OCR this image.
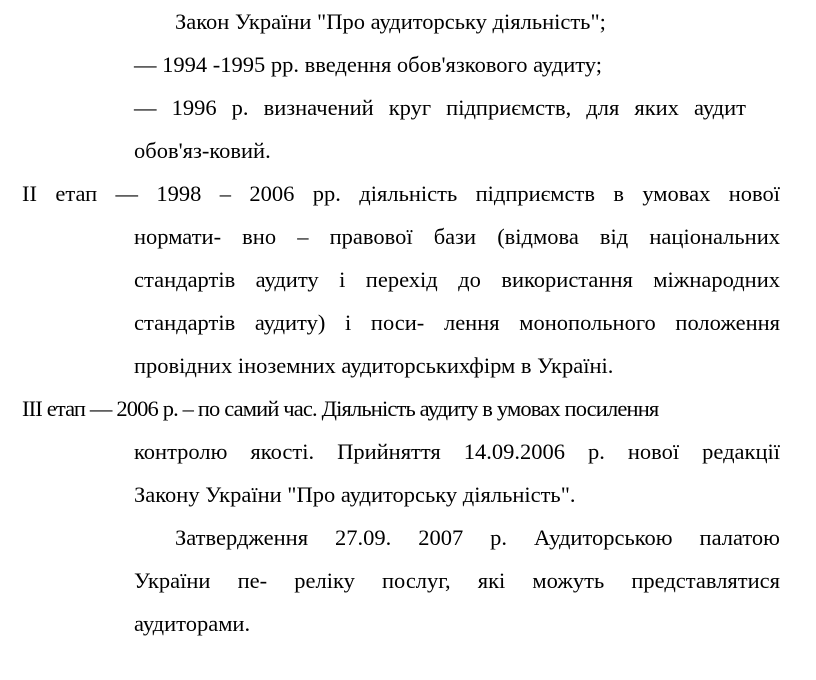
Закон України "Про аудиторську діяльність";
— 1994 -1995 рр. введення обов'язкового аудиту;
— 1996 р. визначений круг підприємств, для яких аудит
обов'яз-ковий.
ІІ етап — 1998 – 2006 рр. діяльність підприємств в умовах нової
нормати- вно – правової бази (відмова від національних
стандартів аудиту і перехід до використання міжнародних
стандартів аудиту) і поси- лення монопольного положення
провідних іноземних аудиторськихфірм в Україні.
ІІІ етап — 2006 р. – по самий час. Діяльність аудиту в умовах посилення
контролю якості. Прийняття 14.09.2006 р. нової редакції
Закону України "Про аудиторську діяльність".
Затвердження 27.09. 2007 р. Аудиторською палатою
України пе- реліку послуг, які можуть представлятися
аудиторами.
